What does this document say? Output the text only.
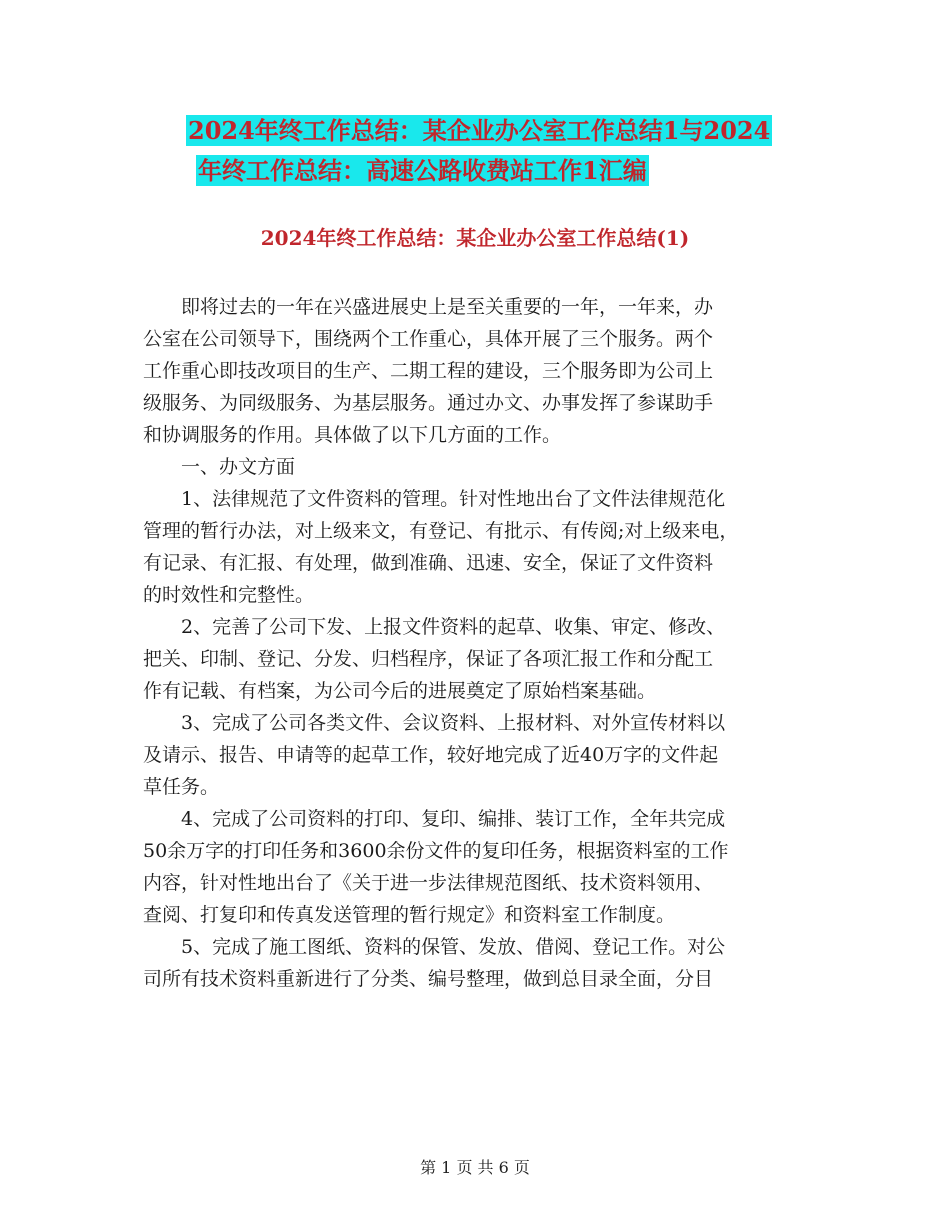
2024年终工作总结：某企业办公室工作总结1与2024
年终工作总结：高速公路收费站工作1汇编
2024年终工作总结：某企业办公室工作总结(1)
　　即将过去的一年在兴盛进展史上是至关重要的一年，一年来，办
公室在公司领导下，围绕两个工作重心，具体开展了三个服务。两个
工作重心即技改项目的生产、二期工程的建设，三个服务即为公司上
级服务、为同级服务、为基层服务。通过办文、办事发挥了参谋助手
和协调服务的作用。具体做了以下几方面的工作。
　　一、办文方面
　　1、法律规范了文件资料的管理。针对性地出台了文件法律规范化
管理的暂行办法，对上级来文，有登记、有批示、有传阅;对上级来电，
有记录、有汇报、有处理，做到准确、迅速、安全，保证了文件资料
的时效性和完整性。
　　2、完善了公司下发、上报文件资料的起草、收集、审定、修改、
把关、印制、登记、分发、归档程序，保证了各项汇报工作和分配工
作有记载、有档案，为公司今后的进展奠定了原始档案基础。
　　3、完成了公司各类文件、会议资料、上报材料、对外宣传材料以
及请示、报告、申请等的起草工作，较好地完成了近40万字的文件起
草任务。
　　4、完成了公司资料的打印、复印、编排、装订工作，全年共完成
50余万字的打印任务和3600余份文件的复印任务，根据资料室的工作
内容，针对性地出台了《关于进一步法律规范图纸、技术资料领用、
查阅、打复印和传真发送管理的暂行规定》和资料室工作制度。
　　5、完成了施工图纸、资料的保管、发放、借阅、登记工作。对公
司所有技术资料重新进行了分类、编号整理，做到总目录全面，分目
第 1 页 共 6 页
